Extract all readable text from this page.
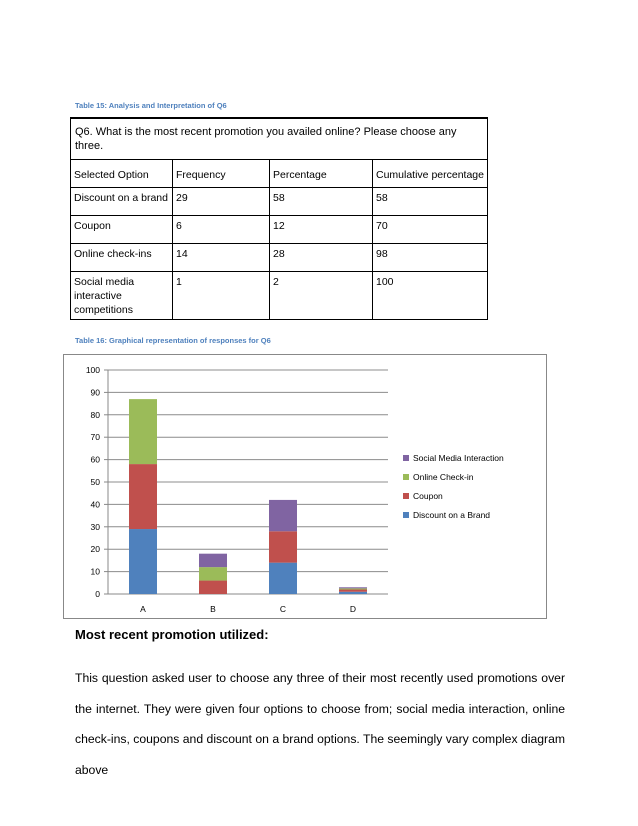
Table 15: Analysis and Interpretation of Q6
Q6. What is the most recent promotion you availed online? Please choose any three.			
Selected Option	Frequency	Percentage	Cumulative percentage
Discount on a brand	29	58	58
Coupon	6	12	70
Online check-ins	14	28	98
Social media interactive competitions	1	2	100
Table 16: Graphical representation of responses for Q6
0
10
20
30
40
50
60
70
80
90
100
A	B	C	D
Social Media Interaction
Online Check-in
Coupon
Discount on a Brand
Most recent promotion utilized:
This question asked user to choose any three of their most recently used promotions over the internet. They were given four options to choose from; social media interaction, online check-ins, coupons and discount on a brand options. The seemingly vary complex diagram above
